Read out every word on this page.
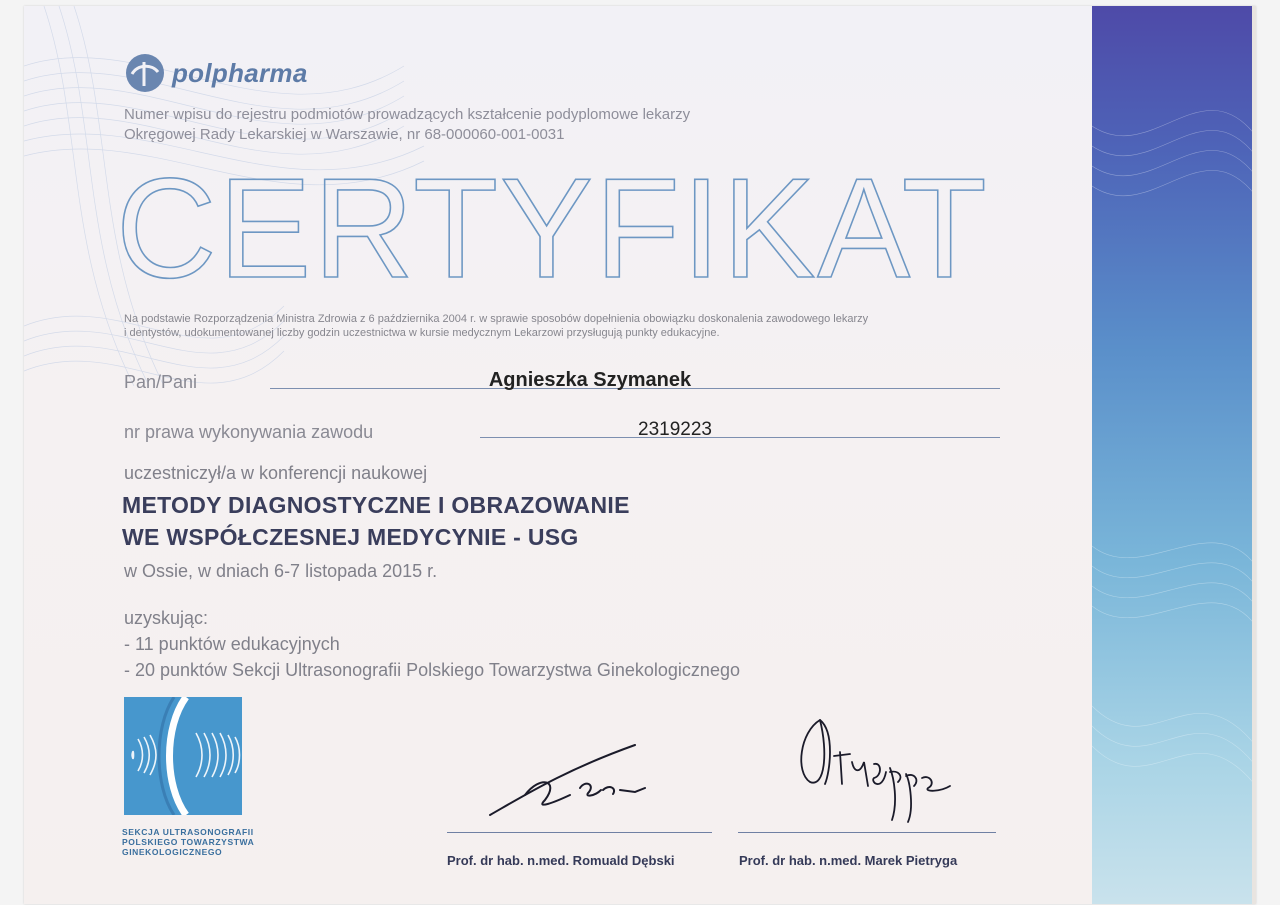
polpharma
Numer wpisu do rejestru podmiotów prowadzących kształcenie podyplomowe lekarzy
Okręgowej Rady Lekarskiej w Warszawie, nr 68-000060-001-0031
CERTYFIKAT
Na podstawie Rozporządzenia Ministra Zdrowia z 6 października 2004 r. w sprawie sposobów dopełnienia obowiązku doskonalenia zawodowego lekarzy
i dentystów, udokumentowanej liczby godzin uczestnictwa w kursie medycznym Lekarzowi przysługują punkty edukacyjne.
Pan/Pani	Agnieszka Szymanek
nr prawa wykonywania zawodu	2319223
uczestniczył/a w konferencji naukowej
METODY DIAGNOSTYCZNE I OBRAZOWANIE
WE WSPÓŁCZESNEJ MEDYCYNIE - USG
w Ossie, w dniach 6-7 listopada 2015 r.
uzyskując:
- 11 punktów edukacyjnych
- 20 punktów Sekcji Ultrasonografii Polskiego Towarzystwa Ginekologicznego
SEKCJA ULTRASONOGRAFII
POLSKIEGO TOWARZYSTWA
GINEKOLOGICZNEGO
Prof. dr hab. n.med. Romuald Dębski	Prof. dr hab. n.med. Marek Pietryga
